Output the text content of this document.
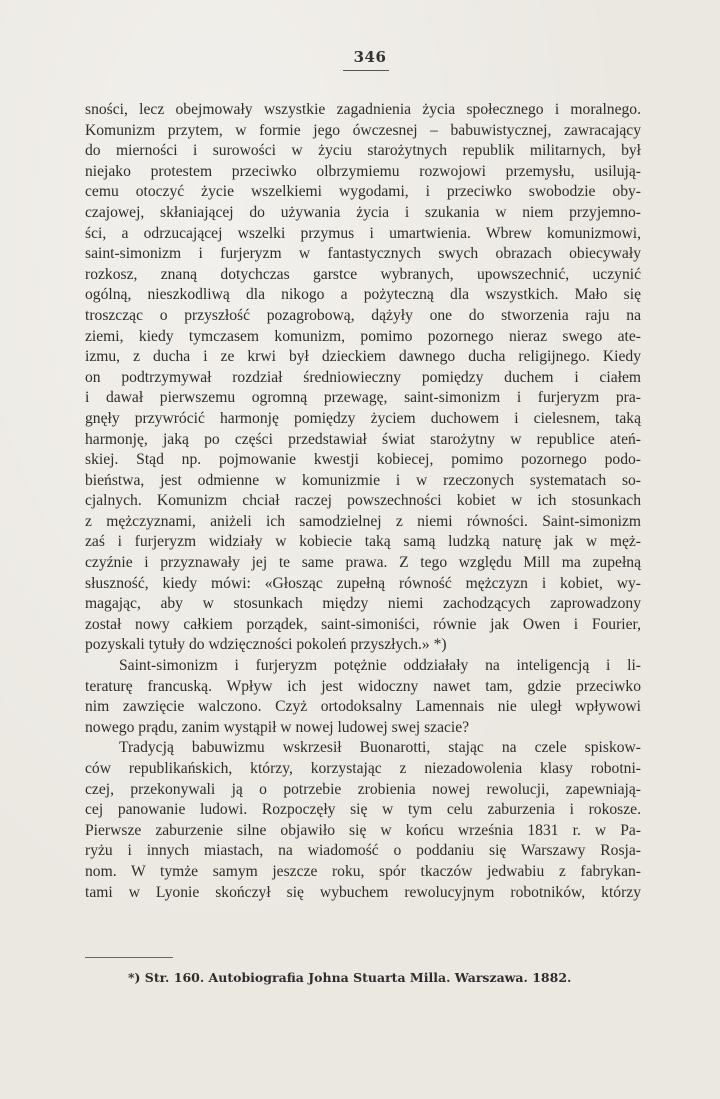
346
sności, lecz obejmowały wszystkie zagadnienia życia społecznego i moralnego.
Komunizm przytem, w formie jego ówczesnej – babuwistycznej, zawracający
do mierności i surowości w życiu starożytnych republik militarnych, był
niejako protestem przeciwko olbrzymiemu rozwojowi przemysłu, usilują-
cemu otoczyć życie wszelkiemi wygodami, i przeciwko swobodzie oby-
czajowej, skłaniającej do używania życia i szukania w niem przyjemno-
ści, a odrzucającej wszelki przymus i umartwienia. Wbrew komunizmowi,
saint-simonizm i furjeryzm w fantastycznych swych obrazach obiecywały
rozkosz, znaną dotychczas garstce wybranych, upowszechnić, uczynić
ogólną, nieszkodliwą dla nikogo a pożyteczną dla wszystkich. Mało się
troszcząc o przyszłość pozagrobową, dążyły one do stworzenia raju na
ziemi, kiedy tymczasem komunizm, pomimo pozornego nieraz swego ate-
izmu, z ducha i ze krwi był dzieckiem dawnego ducha religijnego. Kiedy
on podtrzymywał rozdział średniowieczny pomiędzy duchem i ciałem
i dawał pierwszemu ogromną przewagę, saint-simonizm i furjeryzm pra-
gnęły przywrócić harmonję pomiędzy życiem duchowem i cielesnem, taką
harmonję, jaką po części przedstawiał świat starożytny w republice ateń-
skiej. Stąd np. pojmowanie kwestji kobiecej, pomimo pozornego podo-
bieństwa, jest odmienne w komunizmie i w rzeczonych systematach so-
cjalnych. Komunizm chciał raczej powszechności kobiet w ich stosunkach
z mężczyznami, aniżeli ich samodzielnej z niemi równości. Saint-simonizm
zaś i furjeryzm widziały w kobiecie taką samą ludzką naturę jak w męż-
czyźnie i przyznawały jej te same prawa. Z tego względu Mill ma zupełną
słuszność, kiedy mówi: «Głosząc zupełną równość mężczyzn i kobiet, wy-
magając, aby w stosunkach między niemi zachodzących zaprowadzony
został nowy całkiem porządek, saint-simoniści, równie jak Owen i Fourier,
pozyskali tytuły do wdzięczności pokoleń przyszłych.» *)
Saint-simonizm i furjeryzm potężnie oddziałały na inteligencją i li-
teraturę francuską. Wpływ ich jest widoczny nawet tam, gdzie przeciwko
nim zawzięcie walczono. Czyż ortodoksalny Lamennais nie uległ wpływowi
nowego prądu, zanim wystąpił w nowej ludowej swej szacie?
Tradycją babuwizmu wskrzesił Buonarotti, stając na czele spiskow-
ców republikańskich, którzy, korzystając z niezadowolenia klasy robotni-
czej, przekonywali ją o potrzebie zrobienia nowej rewolucji, zapewniają-
cej panowanie ludowi. Rozpoczęły się w tym celu zaburzenia i rokosze.
Pierwsze zaburzenie silne objawiło się w końcu września 1831 r. w Pa-
ryżu i innych miastach, na wiadomość o poddaniu się Warszawy Rosja-
nom. W tymże samym jeszcze roku, spór tkaczów jedwabiu z fabrykan-
tami w Lyonie skończył się wybuchem rewolucyjnym robotników, którzy
*) Str. 160. Autobiografia Johna Stuarta Milla. Warszawa. 1882.
